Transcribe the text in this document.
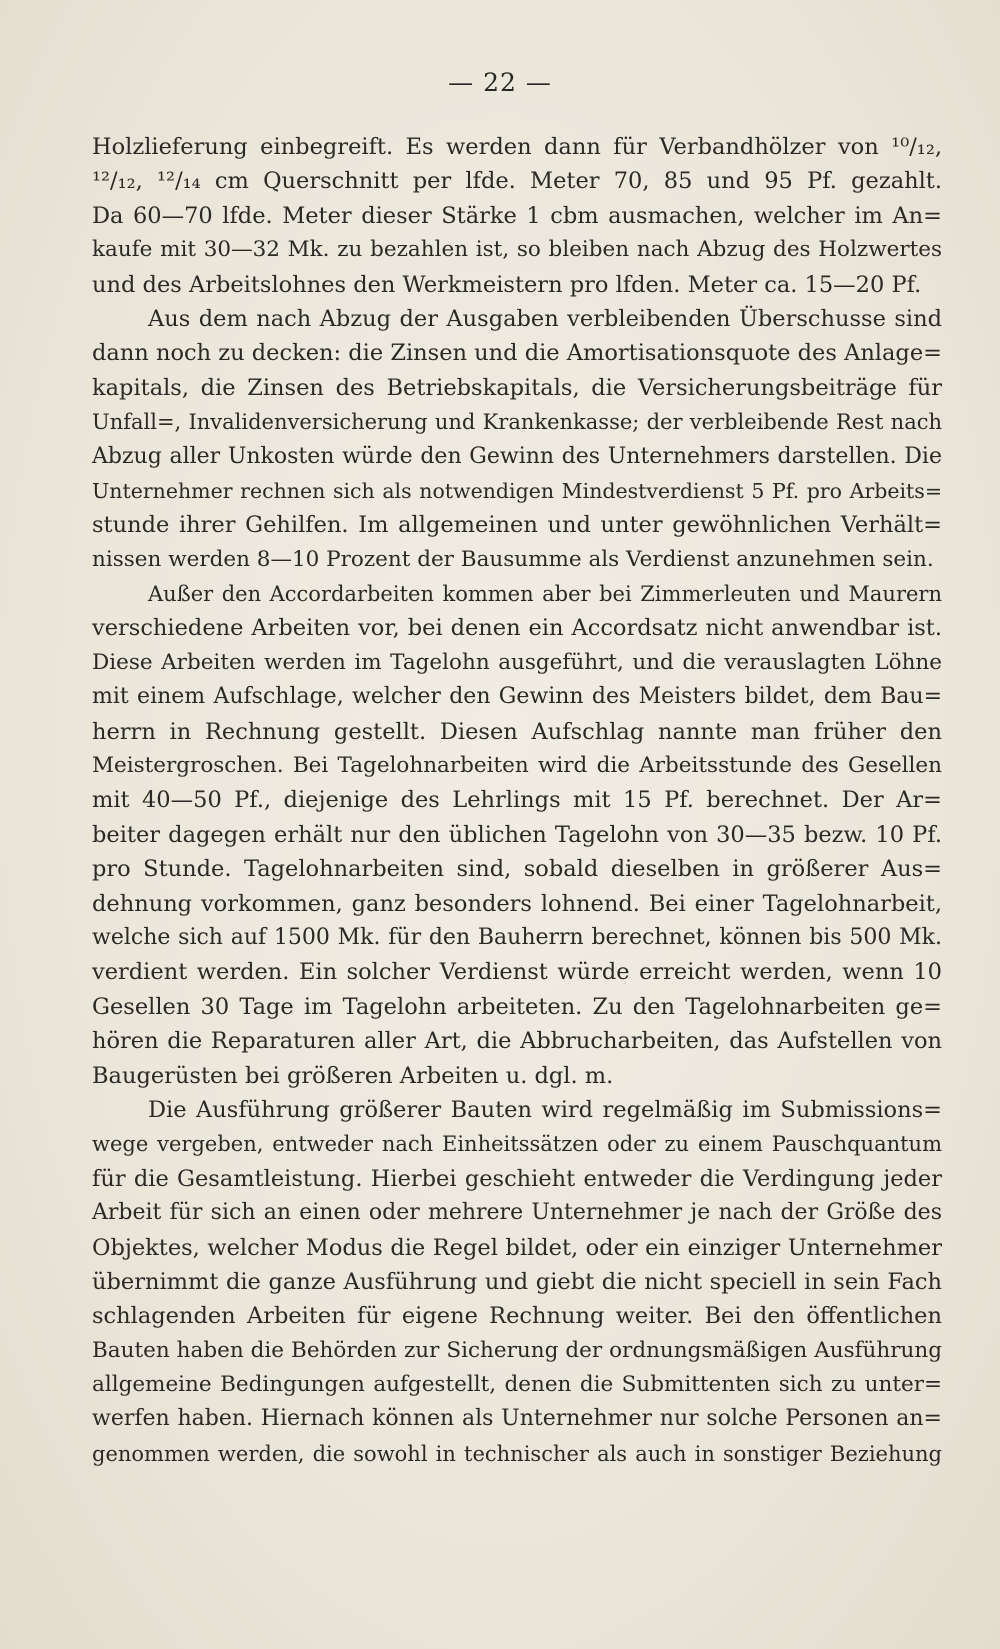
— 22 —
Holzlieferung einbegreift. Es werden dann für Verbandhölzer von ¹⁰/₁₂,
¹²/₁₂, ¹²/₁₄ cm Querschnitt per lfde. Meter 70, 85 und 95 Pf. gezahlt.
Da 60—70 lfde. Meter dieser Stärke 1 cbm ausmachen, welcher im An=
kaufe mit 30—32 Mk. zu bezahlen ist, so bleiben nach Abzug des Holzwertes
und des Arbeitslohnes den Werkmeistern pro lfden. Meter ca. 15—20 Pf.
Aus dem nach Abzug der Ausgaben verbleibenden Überschusse sind
dann noch zu decken: die Zinsen und die Amortisationsquote des Anlage=
kapitals, die Zinsen des Betriebskapitals, die Versicherungsbeiträge für
Unfall=, Invalidenversicherung und Krankenkasse; der verbleibende Rest nach
Abzug aller Unkosten würde den Gewinn des Unternehmers darstellen. Die
Unternehmer rechnen sich als notwendigen Mindestverdienst 5 Pf. pro Arbeits=
stunde ihrer Gehilfen. Im allgemeinen und unter gewöhnlichen Verhält=
nissen werden 8—10 Prozent der Bausumme als Verdienst anzunehmen sein.
Außer den Accordarbeiten kommen aber bei Zimmerleuten und Maurern
verschiedene Arbeiten vor, bei denen ein Accordsatz nicht anwendbar ist.
Diese Arbeiten werden im Tagelohn ausgeführt, und die verauslagten Löhne
mit einem Aufschlage, welcher den Gewinn des Meisters bildet, dem Bau=
herrn in Rechnung gestellt. Diesen Aufschlag nannte man früher den
Meistergroschen. Bei Tagelohnarbeiten wird die Arbeitsstunde des Gesellen
mit 40—50 Pf., diejenige des Lehrlings mit 15 Pf. berechnet. Der Ar=
beiter dagegen erhält nur den üblichen Tagelohn von 30—35 bezw. 10 Pf.
pro Stunde. Tagelohnarbeiten sind, sobald dieselben in größerer Aus=
dehnung vorkommen, ganz besonders lohnend. Bei einer Tagelohnarbeit,
welche sich auf 1500 Mk. für den Bauherrn berechnet, können bis 500 Mk.
verdient werden. Ein solcher Verdienst würde erreicht werden, wenn 10
Gesellen 30 Tage im Tagelohn arbeiteten. Zu den Tagelohnarbeiten ge=
hören die Reparaturen aller Art, die Abbrucharbeiten, das Aufstellen von
Baugerüsten bei größeren Arbeiten u. dgl. m.
Die Ausführung größerer Bauten wird regelmäßig im Submissions=
wege vergeben, entweder nach Einheitssätzen oder zu einem Pauschquantum
für die Gesamtleistung. Hierbei geschieht entweder die Verdingung jeder
Arbeit für sich an einen oder mehrere Unternehmer je nach der Größe des
Objektes, welcher Modus die Regel bildet, oder ein einziger Unternehmer
übernimmt die ganze Ausführung und giebt die nicht speciell in sein Fach
schlagenden Arbeiten für eigene Rechnung weiter. Bei den öffentlichen
Bauten haben die Behörden zur Sicherung der ordnungsmäßigen Ausführung
allgemeine Bedingungen aufgestellt, denen die Submittenten sich zu unter=
werfen haben. Hiernach können als Unternehmer nur solche Personen an=
genommen werden, die sowohl in technischer als auch in sonstiger Beziehung
